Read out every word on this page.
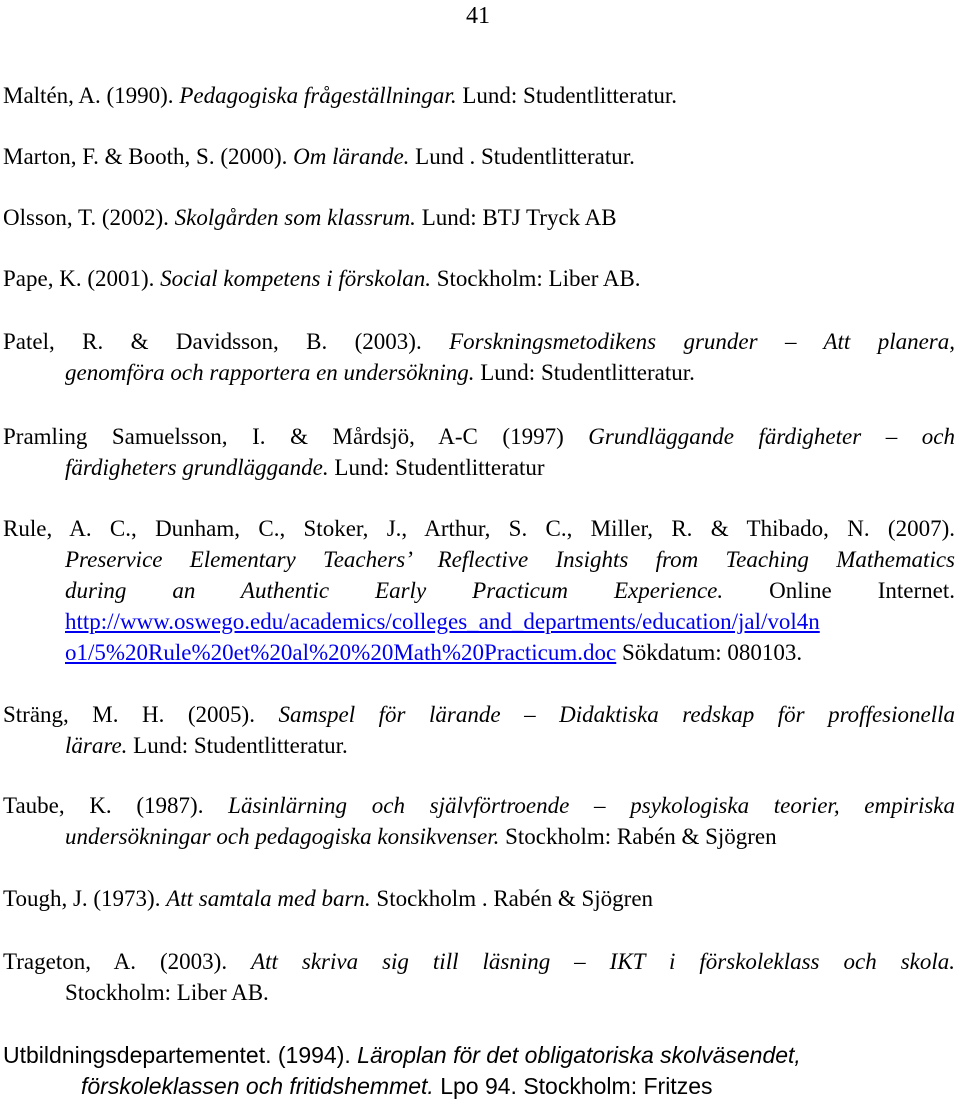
41
Maltén, A. (1990). Pedagogiska frågeställningar. Lund: Studentlitteratur.
Marton, F. & Booth, S. (2000). Om lärande. Lund . Studentlitteratur.
Olsson, T. (2002). Skolgården som klassrum. Lund: BTJ Tryck AB
Pape, K. (2001). Social kompetens i förskolan. Stockholm: Liber AB.
Patel, R. & Davidsson, B. (2003). Forskningsmetodikens grunder – Att planera,
genomföra och rapportera en undersökning. Lund: Studentlitteratur.
Pramling Samuelsson, I. & Mårdsjö, A-C (1997) Grundläggande färdigheter – och
färdigheters grundläggande. Lund: Studentlitteratur
Rule, A. C., Dunham, C., Stoker, J., Arthur, S. C., Miller, R. & Thibado, N. (2007).
Preservice Elementary Teachers’ Reflective Insights from Teaching Mathematics
during an Authentic Early Practicum Experience. Online Internet.
http://www.oswego.edu/academics/colleges_and_departments/education/jal/vol4n
o1/5%20Rule%20et%20al%20%20Math%20Practicum.doc Sökdatum: 080103.
Sträng, M. H. (2005). Samspel för lärande – Didaktiska redskap för proffesionella
lärare. Lund: Studentlitteratur.
Taube, K. (1987). Läsinlärning och självförtroende – psykologiska teorier, empiriska
undersökningar och pedagogiska konsikvenser. Stockholm: Rabén & Sjögren
Tough, J. (1973). Att samtala med barn. Stockholm . Rabén & Sjögren
Trageton, A. (2003). Att skriva sig till läsning – IKT i förskoleklass och skola.
Stockholm: Liber AB.
Utbildningsdepartementet. (1994). Läroplan för det obligatoriska skolväsendet,
förskoleklassen och fritidshemmet. Lpo 94. Stockholm: Fritzes
